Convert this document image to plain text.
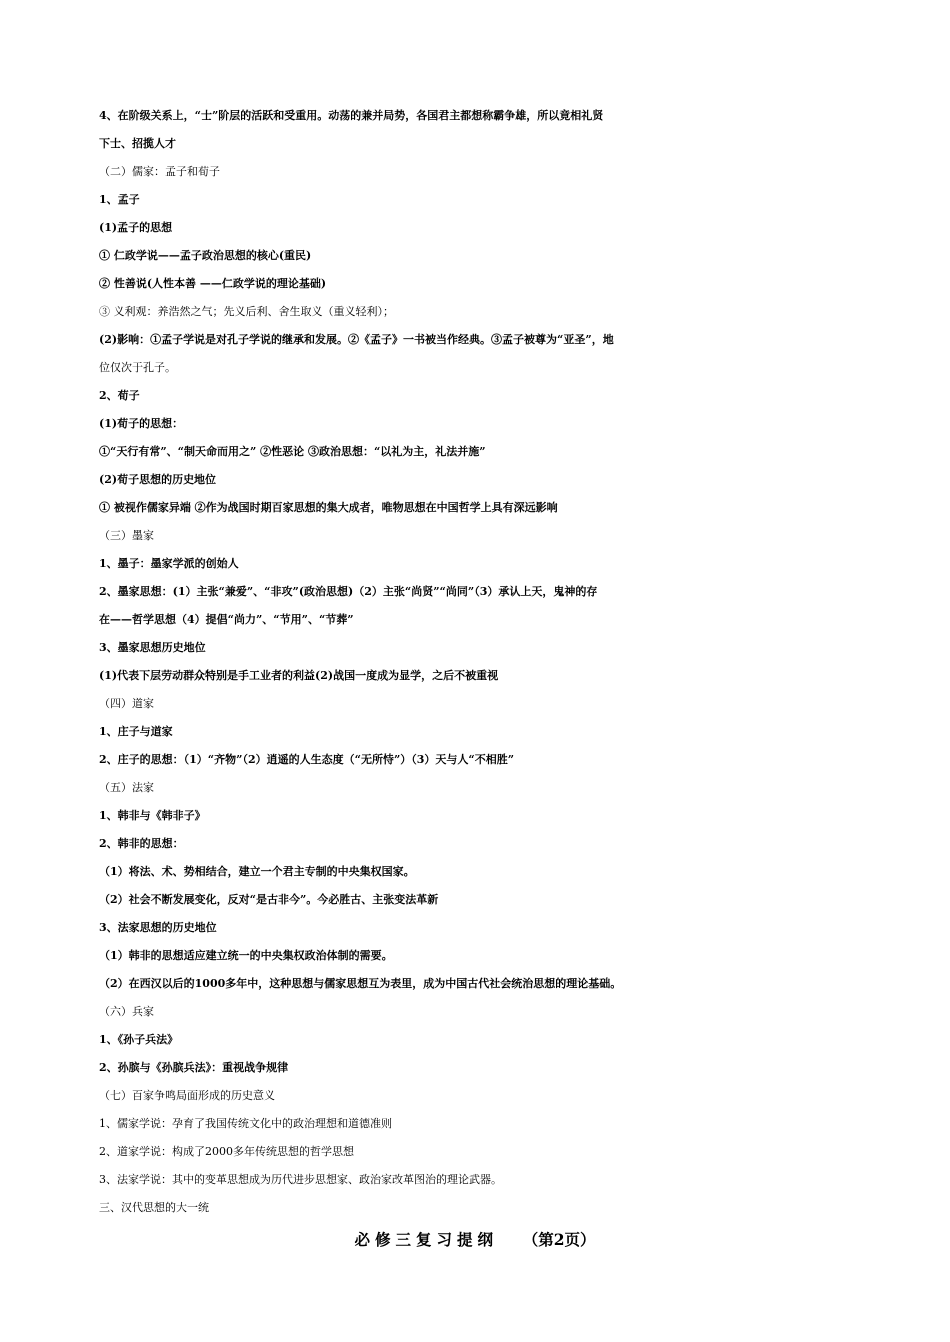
4、在阶级关系上，“士”阶层的活跃和受重用。动荡的兼并局势，各国君主都想称霸争雄，所以竟相礼贤
下士、招揽人才
（二）儒家：孟子和荀子
1、孟子
(1)孟子的思想
① 仁政学说——孟子政治思想的核心(重民)
② 性善说(人性本善 ——仁政学说的理论基础)
③ 义利观：养浩然之气；先义后利、舍生取义（重义轻利）；
(2)影响：①孟子学说是对孔子学说的继承和发展。②《孟子》一书被当作经典。③孟子被尊为“亚圣”，地
位仅次于孔子。
2、荀子
(1)荀子的思想：
①“天行有常”、“制天命而用之” ②性恶论 ③政治思想：“以礼为主，礼法并施”
(2)荀子思想的历史地位
① 被视作儒家异端 ②作为战国时期百家思想的集大成者，唯物思想在中国哲学上具有深远影响
（三）墨家
1、墨子：墨家学派的创始人
2、墨家思想：(1）主张“兼爱”、“非攻”(政治思想)（2）主张“尚贤”“尚同”（3）承认上天，鬼神的存
在——哲学思想（4）提倡“尚力”、“节用”、“节葬”
3、墨家思想历史地位
(1)代表下层劳动群众特别是手工业者的利益(2)战国一度成为显学，之后不被重视
（四）道家
1、庄子与道家
2、庄子的思想：（1）“齐物”（2）逍遥的人生态度（“无所恃”）（3）天与人“不相胜”
（五）法家
1、韩非与《韩非子》
2、韩非的思想：
（1）将法、术、势相结合，建立一个君主专制的中央集权国家。
（2）社会不断发展变化，反对“是古非今”。今必胜古、主张变法革新
3、法家思想的历史地位
（1）韩非的思想适应建立统一的中央集权政治体制的需要。
（2）在西汉以后的1000多年中，这种思想与儒家思想互为表里，成为中国古代社会统治思想的理论基础。
（六）兵家
1、《孙子兵法》
2、孙膑与《孙膑兵法》：重视战争规律
（七）百家争鸣局面形成的历史意义
1、儒家学说：孕育了我国传统文化中的政治理想和道德准则
2、道家学说：构成了2000多年传统思想的哲学思想
3、法家学说：其中的变革思想成为历代进步思想家、政治家改革图治的理论武器。
三、汉代思想的大一统
必修三复习提纲 （第2页）
